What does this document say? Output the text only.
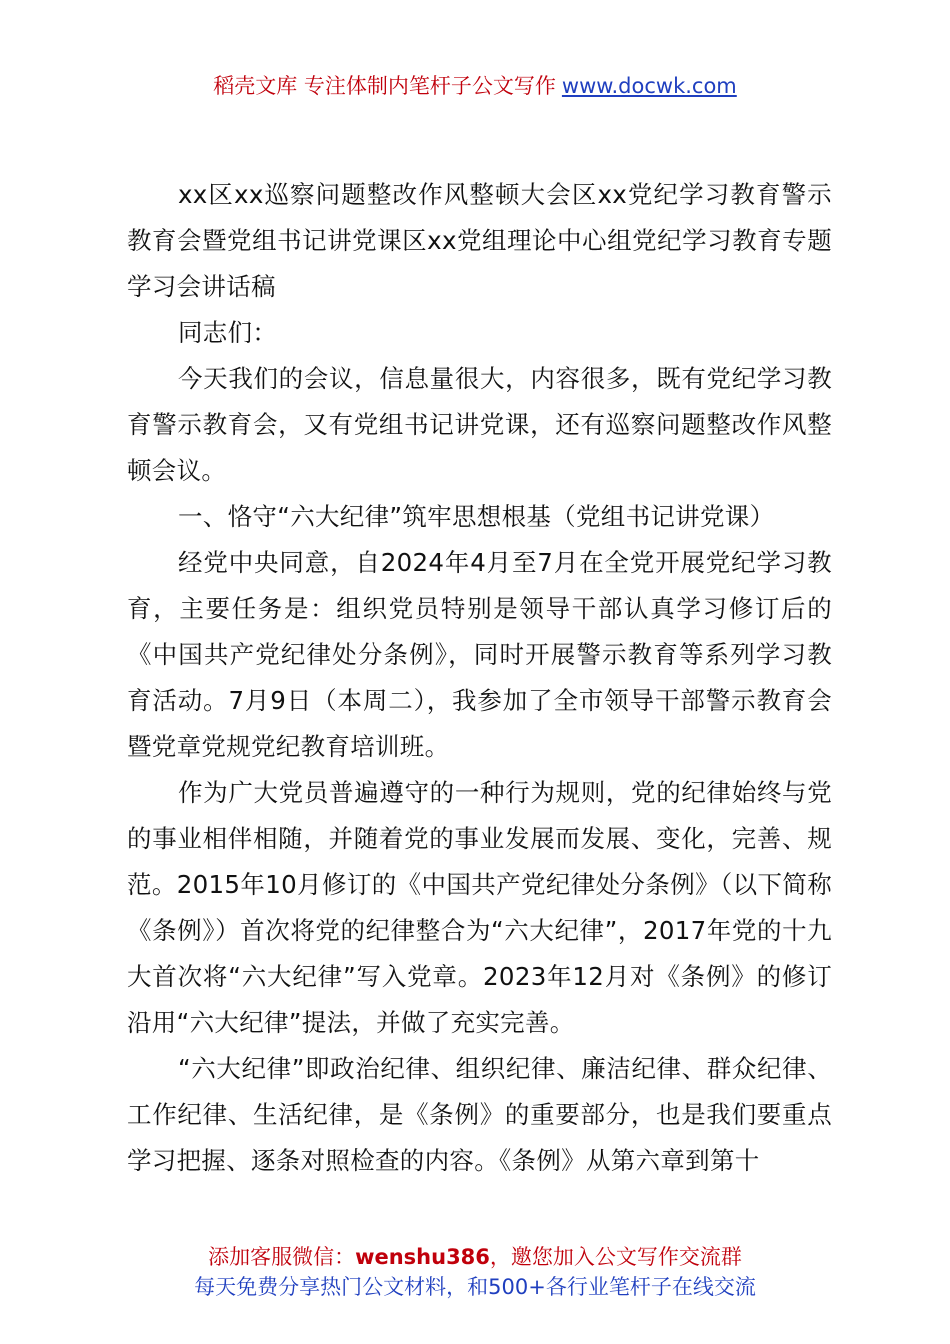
稻壳文库 专注体制内笔杆子公文写作 www.docwk.com

xx区xx巡察问题整改作风整顿大会区xx党纪学习教育警示教育会暨党组书记讲党课区xx党组理论中心组党纪学习教育专题学习会讲话稿

同志们：

今天我们的会议，信息量很大，内容很多，既有党纪学习教育警示教育会，又有党组书记讲党课，还有巡察问题整改作风整顿会议。

一、恪守“六大纪律”筑牢思想根基（党组书记讲党课）

经党中央同意，自2024年4月至7月在全党开展党纪学习教育，主要任务是：组织党员特别是领导干部认真学习修订后的《中国共产党纪律处分条例》，同时开展警示教育等系列学习教育活动。7月9日（本周二），我参加了全市领导干部警示教育会暨党章党规党纪教育培训班。

作为广大党员普遍遵守的一种行为规则，党的纪律始终与党的事业相伴相随，并随着党的事业发展而发展、变化，完善、规范。2015年10月修订的《中国共产党纪律处分条例》（以下简称《条例》）首次将党的纪律整合为“六大纪律”，2017年党的十九大首次将“六大纪律”写入党章。2023年12月对《条例》的修订沿用“六大纪律”提法，并做了充实完善。

“六大纪律”即政治纪律、组织纪律、廉洁纪律、群众纪律、工作纪律、生活纪律，是《条例》的重要部分，也是我们要重点学习把握、逐条对照检查的内容。《条例》从第六章到第十

添加客服微信：wenshu386，邀您加入公文写作交流群
每天免费分享热门公文材料，和500+各行业笔杆子在线交流
